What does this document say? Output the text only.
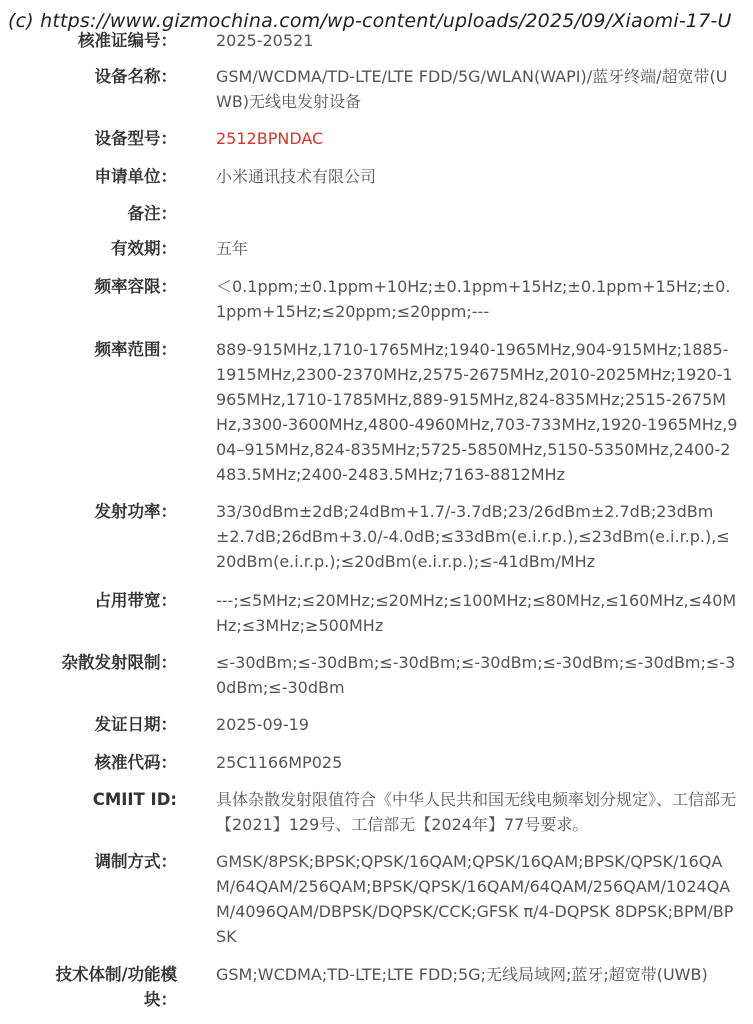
(c) https://www.gizmochina.com/wp-content/uploads/2025/09/Xiaomi-17-U
核准证编号： 2025-20521
设备名称： GSM/WCDMA/TD-LTE/LTE FDD/5G/WLAN(WAPI)/蓝牙终端/超宽带(UWB)无线电发射设备
设备型号： 2512BPNDAC
申请单位： 小米通讯技术有限公司
备注：
有效期： 五年
频率容限： ＜0.1ppm;±0.1ppm+10Hz;±0.1ppm+15Hz;±0.1ppm+15Hz;±0.1ppm+15Hz;≤20ppm;≤20ppm;---
频率范围： 889-915MHz,1710-1765MHz;1940-1965MHz,904-915MHz;1885-1915MHz,2300-2370MHz,2575-2675MHz,2010-2025MHz;1920-1965MHz,1710-1785MHz,889-915MHz,824-835MHz;2515-2675MHz,3300-3600MHz,4800-4960MHz,703-733MHz,1920-1965MHz,904–915MHz,824-835MHz;5725-5850MHz,5150-5350MHz,2400-2483.5MHz;2400-2483.5MHz;7163-8812MHz
发射功率： 33/30dBm±2dB;24dBm+1.7/-3.7dB;23/26dBm±2.7dB;23dBm±2.7dB;26dBm+3.0/-4.0dB;≤33dBm(e.i.r.p.),≤23dBm(e.i.r.p.),≤20dBm(e.i.r.p.);≤20dBm(e.i.r.p.);≤-41dBm/MHz
占用带宽： ---;≤5MHz;≤20MHz;≤20MHz;≤100MHz;≤80MHz,≤160MHz,≤40MHz;≤3MHz;≥500MHz
杂散发射限制： ≤-30dBm;≤-30dBm;≤-30dBm;≤-30dBm;≤-30dBm;≤-30dBm;≤-30dBm;≤-30dBm
发证日期： 2025-09-19
核准代码： 25C1166MP025
CMIIT ID: 具体杂散发射限值符合《中华人民共和国无线电频率划分规定》、工信部无【2021】129号、工信部无【2024年】77号要求。
调制方式： GMSK/8PSK;BPSK;QPSK/16QAM;QPSK/16QAM;BPSK/QPSK/16QAM/64QAM/256QAM;BPSK/QPSK/16QAM/64QAM/256QAM/1024QAM/4096QAM/DBPSK/DQPSK/CCK;GFSK π/4-DQPSK 8DPSK;BPM/BPSK
技术体制/功能模块：
GSM;WCDMA;TD-LTE;LTE FDD;5G;无线局域网;蓝牙;超宽带(UWB)
